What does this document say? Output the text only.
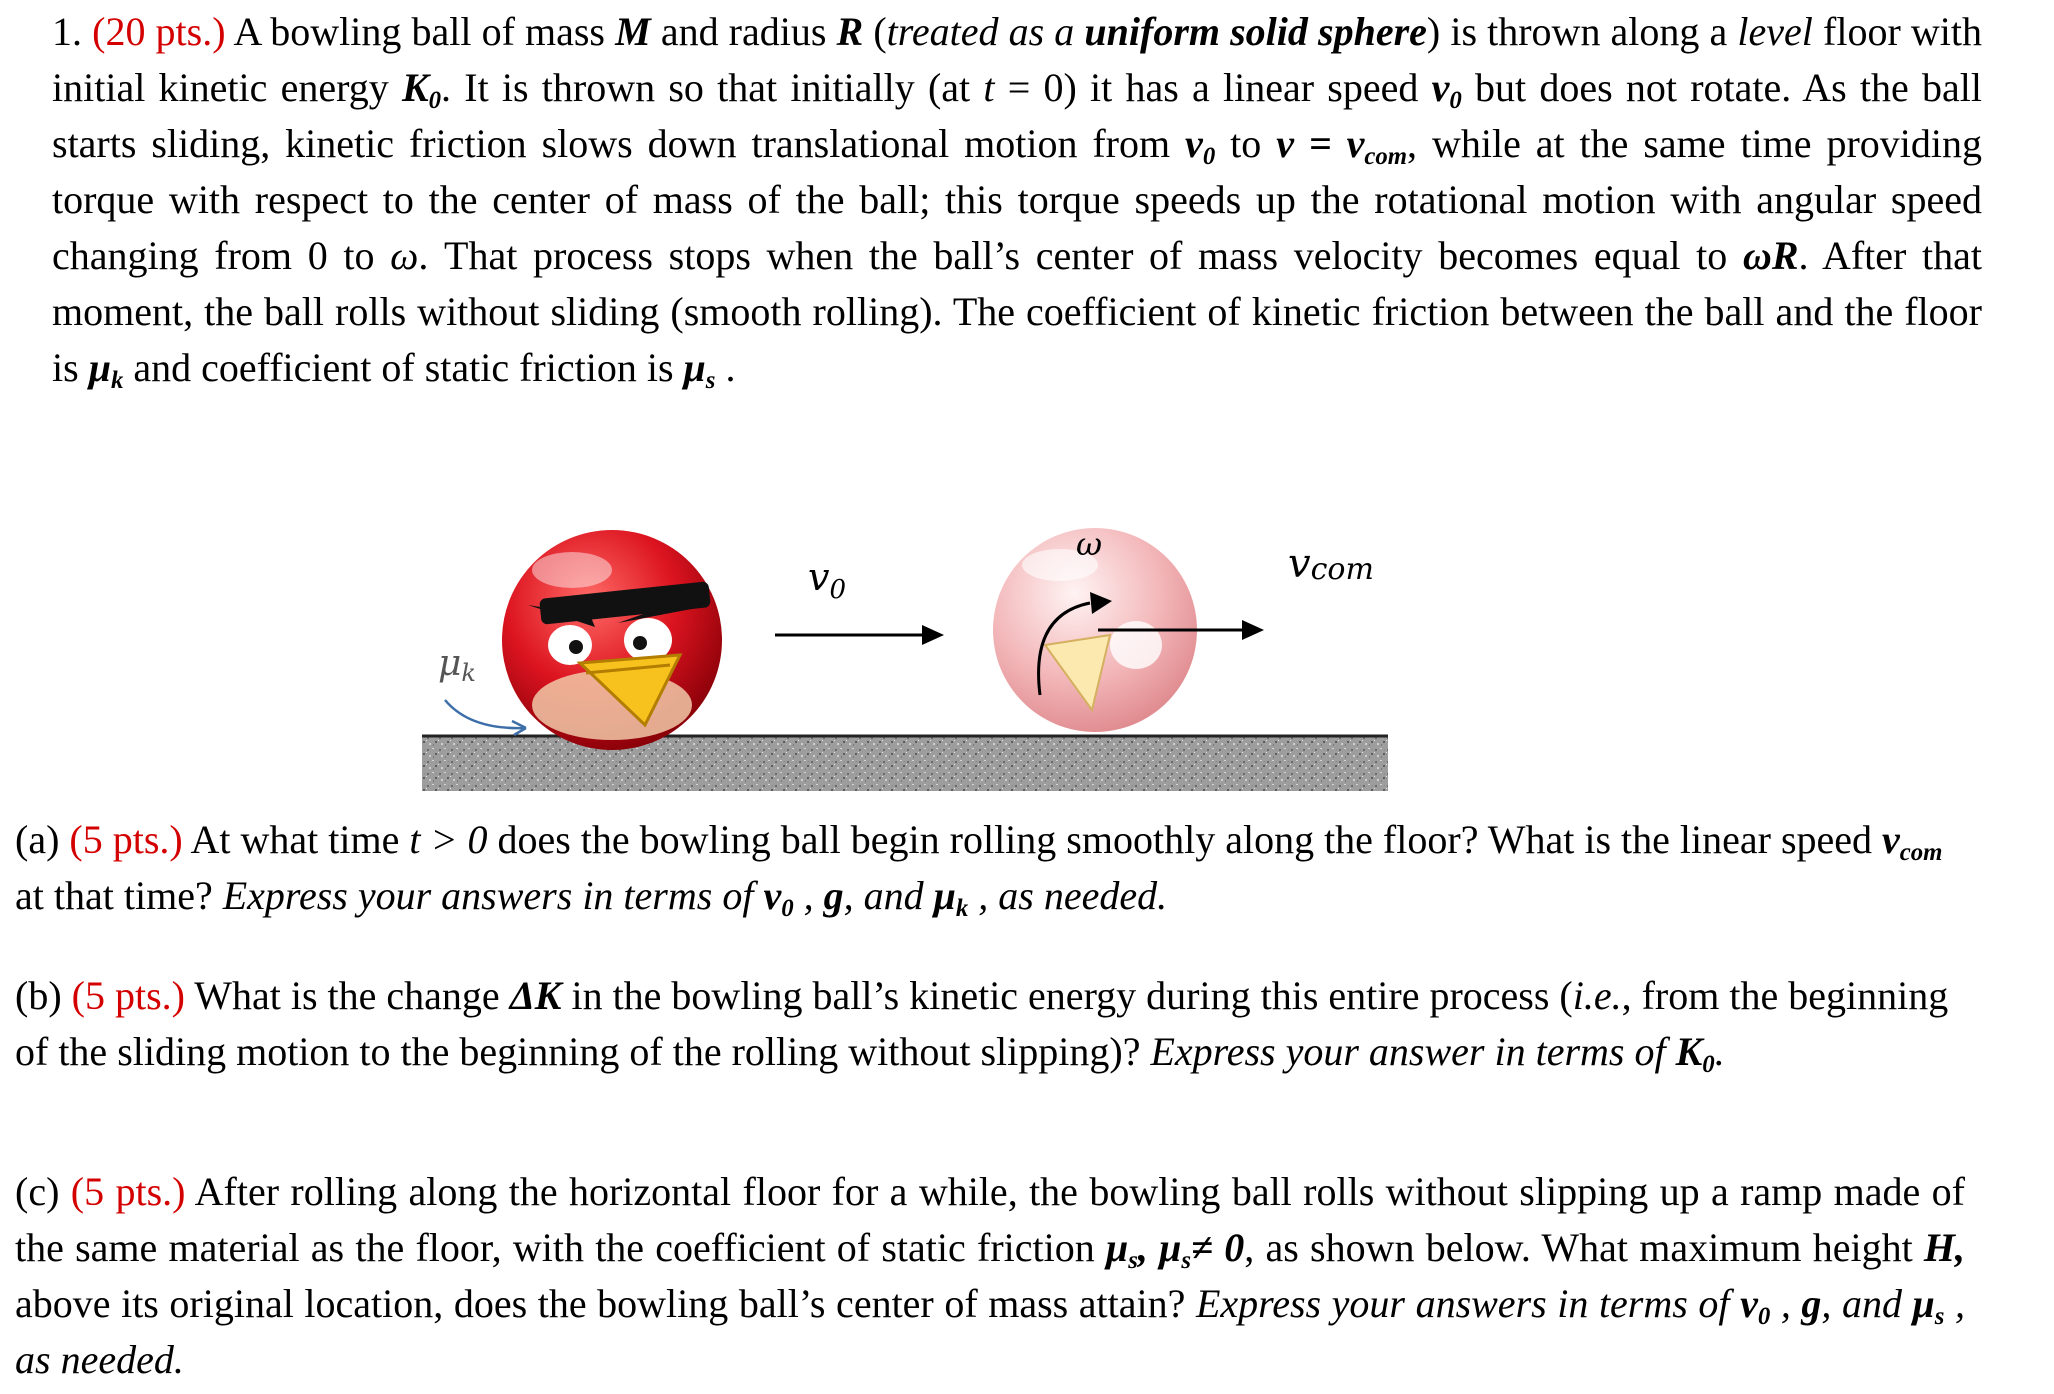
1. (20 pts.) A bowling ball of mass M and radius R (treated as a uniform solid sphere) is thrown along a level floor with initial kinetic energy $K_0$. It is thrown so that initially (at t = 0) it has a linear speed $v_0$ but does not rotate. As the ball starts sliding, kinetic friction slows down translational motion from $v_0$ to $v = v_{com}$, while at the same time providing torque with respect to the center of mass of the ball; this torque speeds up the rotational motion with angular speed changing from 0 to ω. That process stops when the ball’s center of mass velocity becomes equal to ωR. After that moment, the ball rolls without sliding (smooth rolling). The coefficient of kinetic friction between the ball and the floor is $\mu_k$ and coefficient of static friction is $\mu_s$ .
μk
$v_0$
ω	vcom
(a) (5 pts.) At what time t > 0 does the bowling ball begin rolling smoothly along the floor? What is the linear speed $v_{com}$ at that time? Express your answers in terms of $v_0$ , g, and $\mu_k$ , as needed.
(b) (5 pts.) What is the change ΔK in the bowling ball’s kinetic energy during this entire process (i.e., from the beginning of the sliding motion to the beginning of the rolling without slipping)? Express your answer in terms of $K_0$.
(c) (5 pts.) After rolling along the horizontal floor for a while, the bowling ball rolls without slipping up a ramp made of the same material as the floor, with the coefficient of static friction $\mu_s$, $\mu_s\ne 0$, as shown below. What maximum height H, above its original location, does the bowling ball’s center of mass attain? Express your answers in terms of $v_0$ , g, and $\mu_s$ , as needed.
